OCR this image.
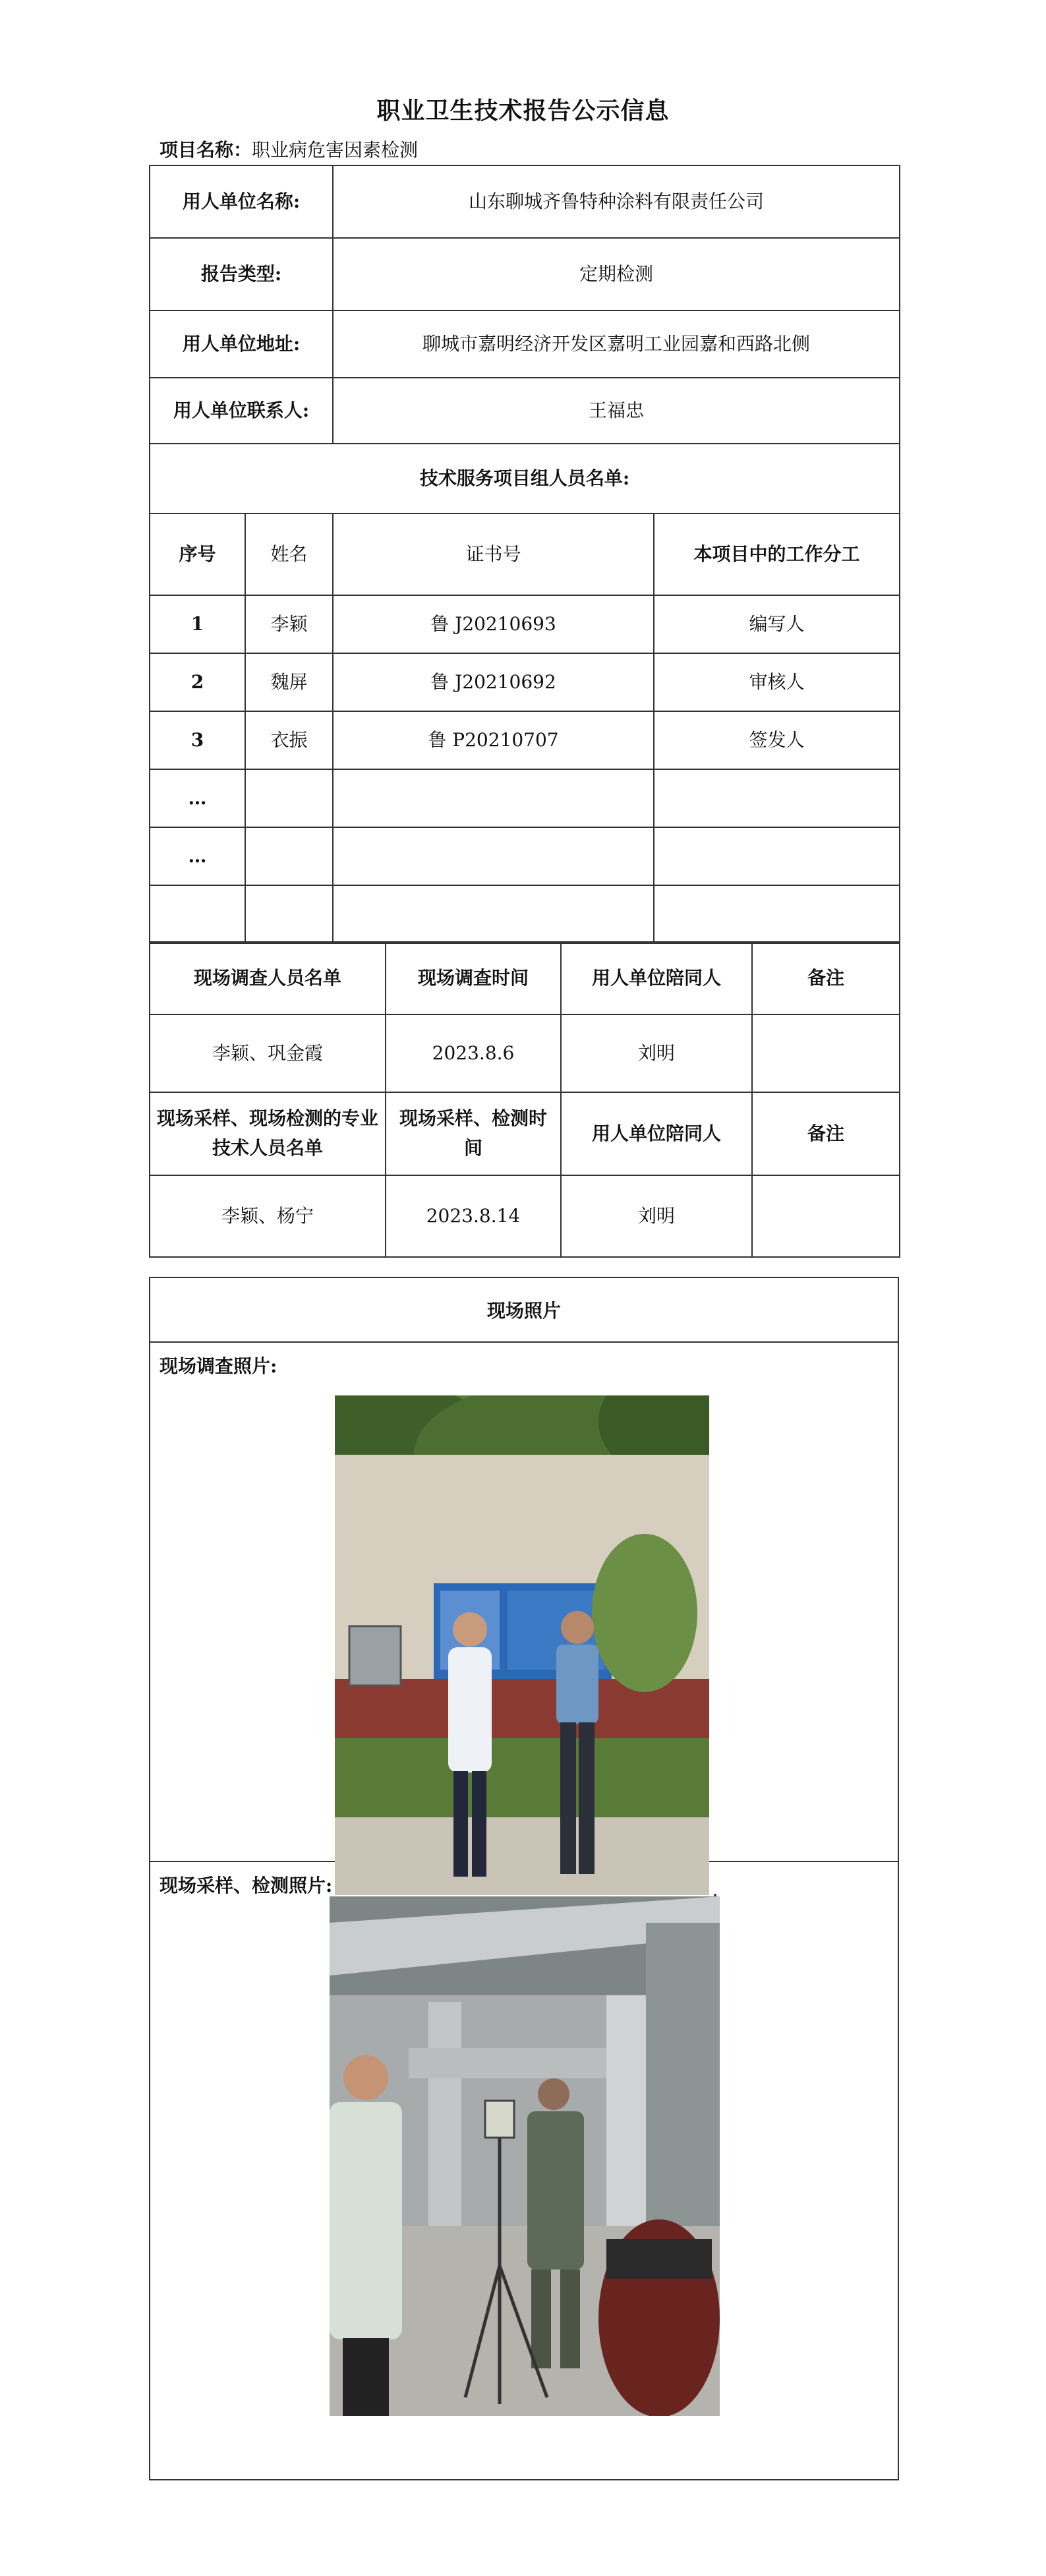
职业卫生技术报告公示信息
项目名称：职业病危害因素检测
用人单位名称:		山东聊城齐鲁特种涂料有限责任公司	
报告类型:		定期检测	
用人单位地址:		聊城市嘉明经济开发区嘉明工业园嘉和西路北侧	
用人单位联系人:		王福忠	
技术服务项目组人员名单:			
序号	姓名	证书号	本项目中的工作分工
1	李颖	鲁 J20210693	编写人
2	魏屏	鲁 J20210692	审核人
3	衣振	鲁 P20210707	签发人
…			
…			

现场调查人员名单	现场调查时间	用人单位陪同人	备注
李颖、巩金霞	2023.8.6	刘明	
现场采样、现场检测的专业技术人员名单	现场采样、检测时间	用人单位陪同人	备注
李颖、杨宁	2023.8.14	刘明	
现场照片
现场调查照片:
现场采样、检测照片:
